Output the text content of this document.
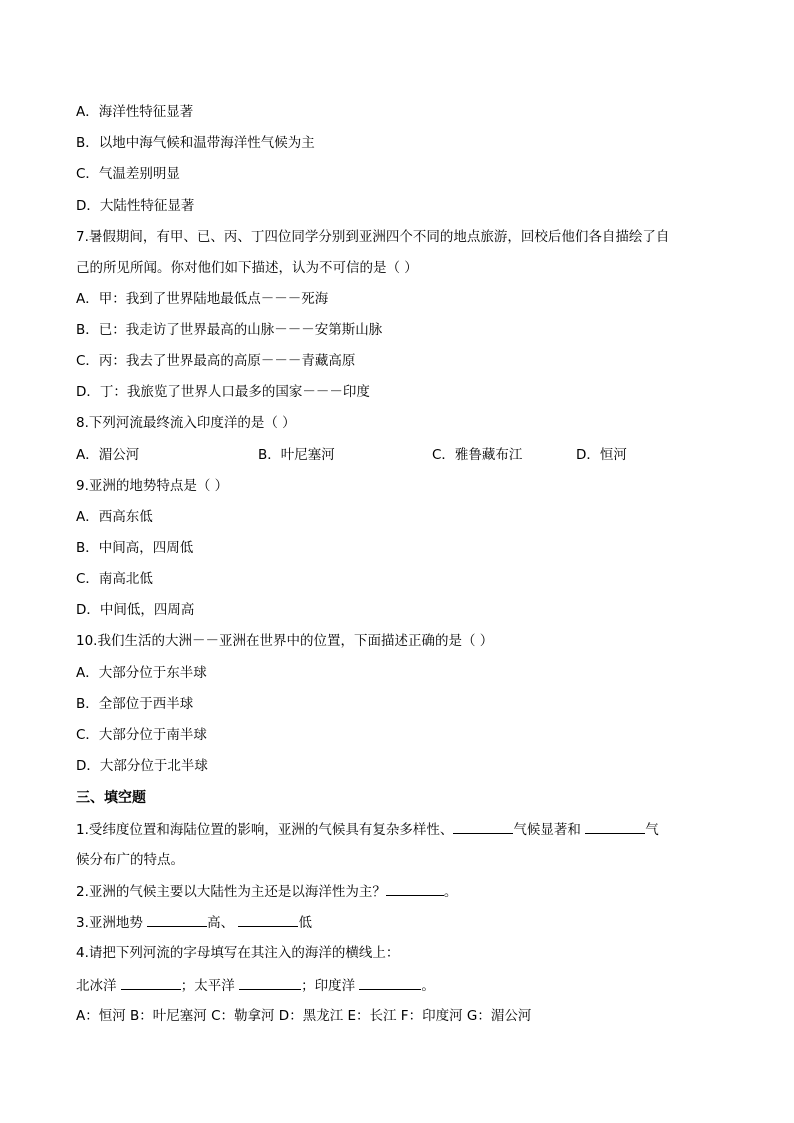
A．海洋性特征显著
B．以地中海气候和温带海洋性气候为主
C．气温差别明显
D．大陆性特征显著
7.暑假期间，有甲、已、丙、丁四位同学分别到亚洲四个不同的地点旅游，回校后他们各自描绘了自
己的所见所闻。你对他们如下描述，认为不可信的是（ ）
A．甲：我到了世界陆地最低点－－－死海
B．已：我走访了世界最高的山脉－－－安第斯山脉
C．丙：我去了世界最高的高原－－－青藏高原
D．丁：我旅览了世界人口最多的国家－－－印度
8.下列河流最终流入印度洋的是（ ）
A．湄公河	B．叶尼塞河	C．雅鲁藏布江	D．恒河
9.亚洲的地势特点是（ ）
A．西高东低
B．中间高，四周低
C．南高北低
D．中间低，四周高
10.我们生活的大洲－－亚洲在世界中的位置，下面描述正确的是（ ）
A．大部分位于东半球
B．全部位于西半球
C．大部分位于南半球
D．大部分位于北半球
三、填空题
1.受纬度位置和海陆位置的影响，亚洲的气候具有复杂多样性、	气候显著和	气
候分布广的特点。
2.亚洲的气候主要以大陆性为主还是以海洋性为主？	。
3.亚洲地势	高、	低
4.请把下列河流的字母填写在其注入的海洋的横线上：
北冰洋	；太平洋	；印度洋	。
A：恒河 B：叶尼塞河 C：勒拿河 D：黑龙江 E：长江 F：印度河 G：湄公河
